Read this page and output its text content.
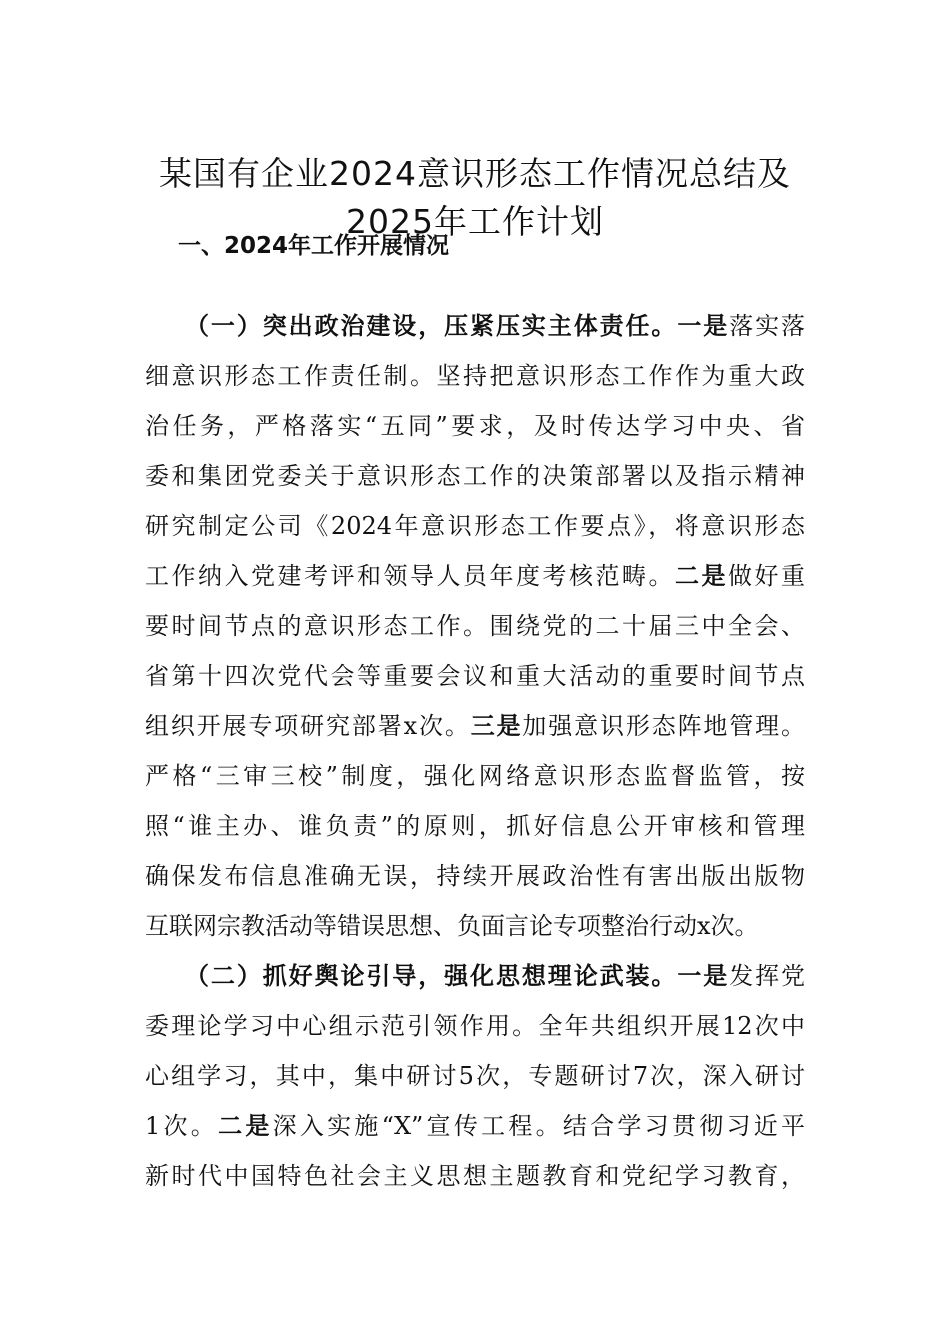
某国有企业2024意识形态工作情况总结及
2025年工作计划
一、2024年工作开展情况
（一）突出政治建设，压紧压实主体责任。一是落实落
细意识形态工作责任制。坚持把意识形态工作作为重大政
治任务，严格落实“五同”要求，及时传达学习中央、省
委和集团党委关于意识形态工作的决策部署以及指示精神
研究制定公司《2024年意识形态工作要点》，将意识形态
工作纳入党建考评和领导人员年度考核范畴。二是做好重
要时间节点的意识形态工作。围绕党的二十届三中全会、
省第十四次党代会等重要会议和重大活动的重要时间节点
组织开展专项研究部署x次。三是加强意识形态阵地管理。
严格“三审三校”制度，强化网络意识形态监督监管，按
照“谁主办、谁负责”的原则，抓好信息公开审核和管理
确保发布信息准确无误，持续开展政治性有害出版出版物
互联网宗教活动等错误思想、负面言论专项整治行动x次。
（二）抓好舆论引导，强化思想理论武装。一是发挥党
委理论学习中心组示范引领作用。全年共组织开展12次中
心组学习，其中，集中研讨5次，专题研讨7次，深入研讨
1次。二是深入实施“X”宣传工程。结合学习贯彻习近平
新时代中国特色社会主义思想主题教育和党纪学习教育，
